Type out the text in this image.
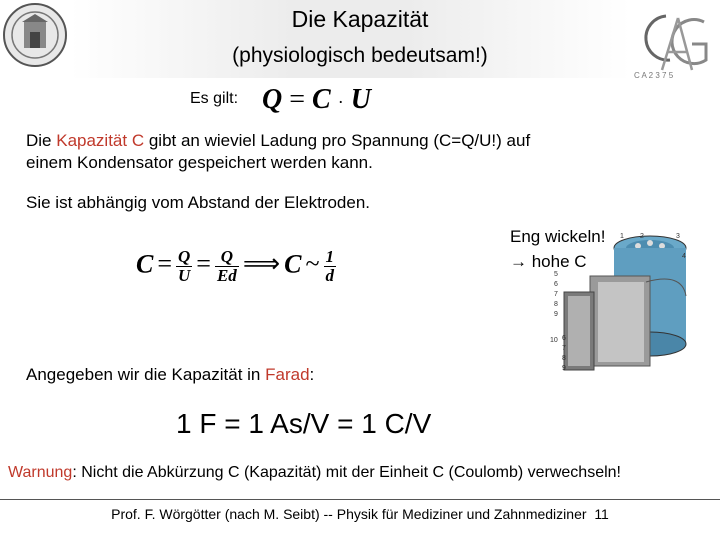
C A 2 3 7 5
Die Kapazität
(physiologisch bedeutsam!)
Es gilt: Q = C · U
Die Kapazität C gibt an wieviel Ladung pro Spannung (C=Q/U!) auf
einem Kondensator gespeichert werden kann.
Sie ist abhängig vom Abstand der Elektroden.
$C = \frac{Q}{U} = \frac{Q}{Ed}$ ⟹ C ~ $\frac{1}{d}$
1 2	3
4
5
6
7
8
9
10 6
7
8
9
Eng wickeln!
→ hohe C
Angegeben wir die Kapazität in Farad:
1 F = 1 As/V = 1 C/V
Warnung: Nicht die Abkürzung C (Kapazität) mit der Einheit C (Coulomb) verwechseln!
Prof. F. Wörgötter (nach M. Seibt) -- Physik für Mediziner und Zahnmediziner 11
